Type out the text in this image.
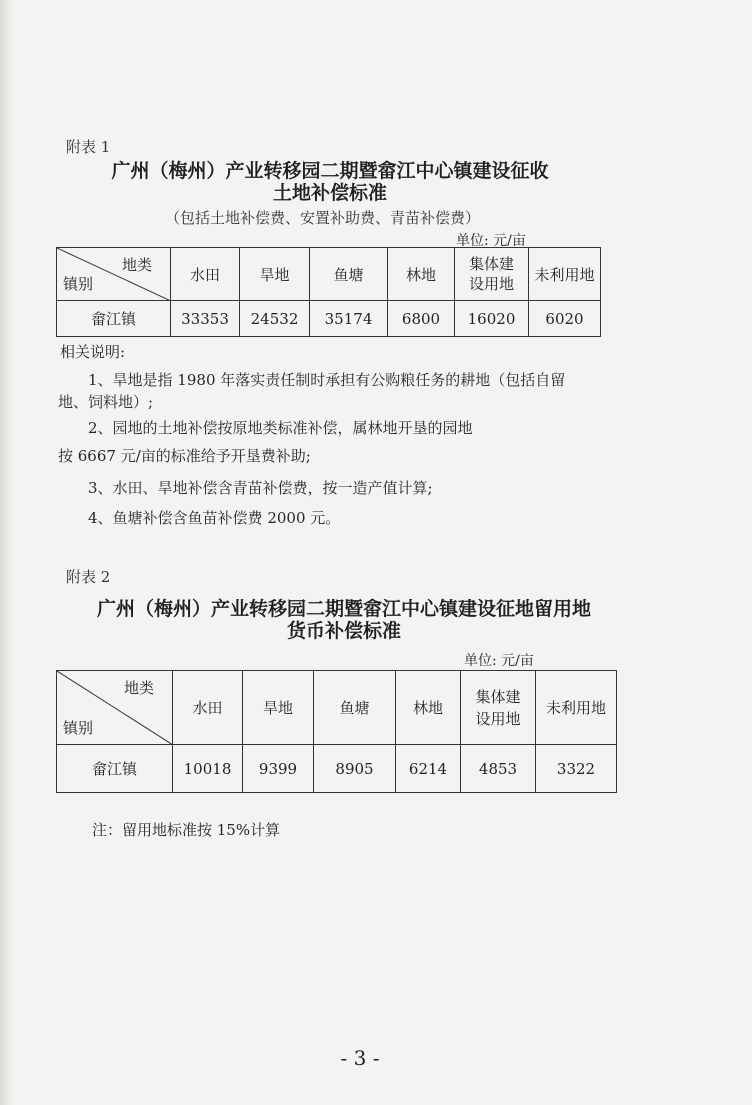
附表 1
广州（梅州）产业转移园二期暨畲江中心镇建设征收
土地补偿标准
（包括土地补偿费、安置补助费、青苗补偿费）
单位: 元/亩
地类
镇别	水田	旱地	鱼塘	林地	集体建
设用地	未利用地
畲江镇	33353	24532	35174	6800	16020	6020
相关说明:
1、旱地是指 1980 年落实责任制时承担有公购粮任务的耕地（包括自留
地、饲料地）;
2、园地的土地补偿按原地类标准补偿，属林地开垦的园地
按 6667 元/亩的标准给予开垦费补助;
3、水田、旱地补偿含青苗补偿费，按一造产值计算;
4、鱼塘补偿含鱼苗补偿费 2000 元。
附表 2
广州（梅州）产业转移园二期暨畲江中心镇建设征地留用地
货币补偿标准
单位: 元/亩
地类
镇别	水田	旱地	鱼塘	林地	集体建
设用地	未利用地
畲江镇	10018	9399	8905	6214	4853	3322
注：留用地标准按 15%计算
- 3 -
